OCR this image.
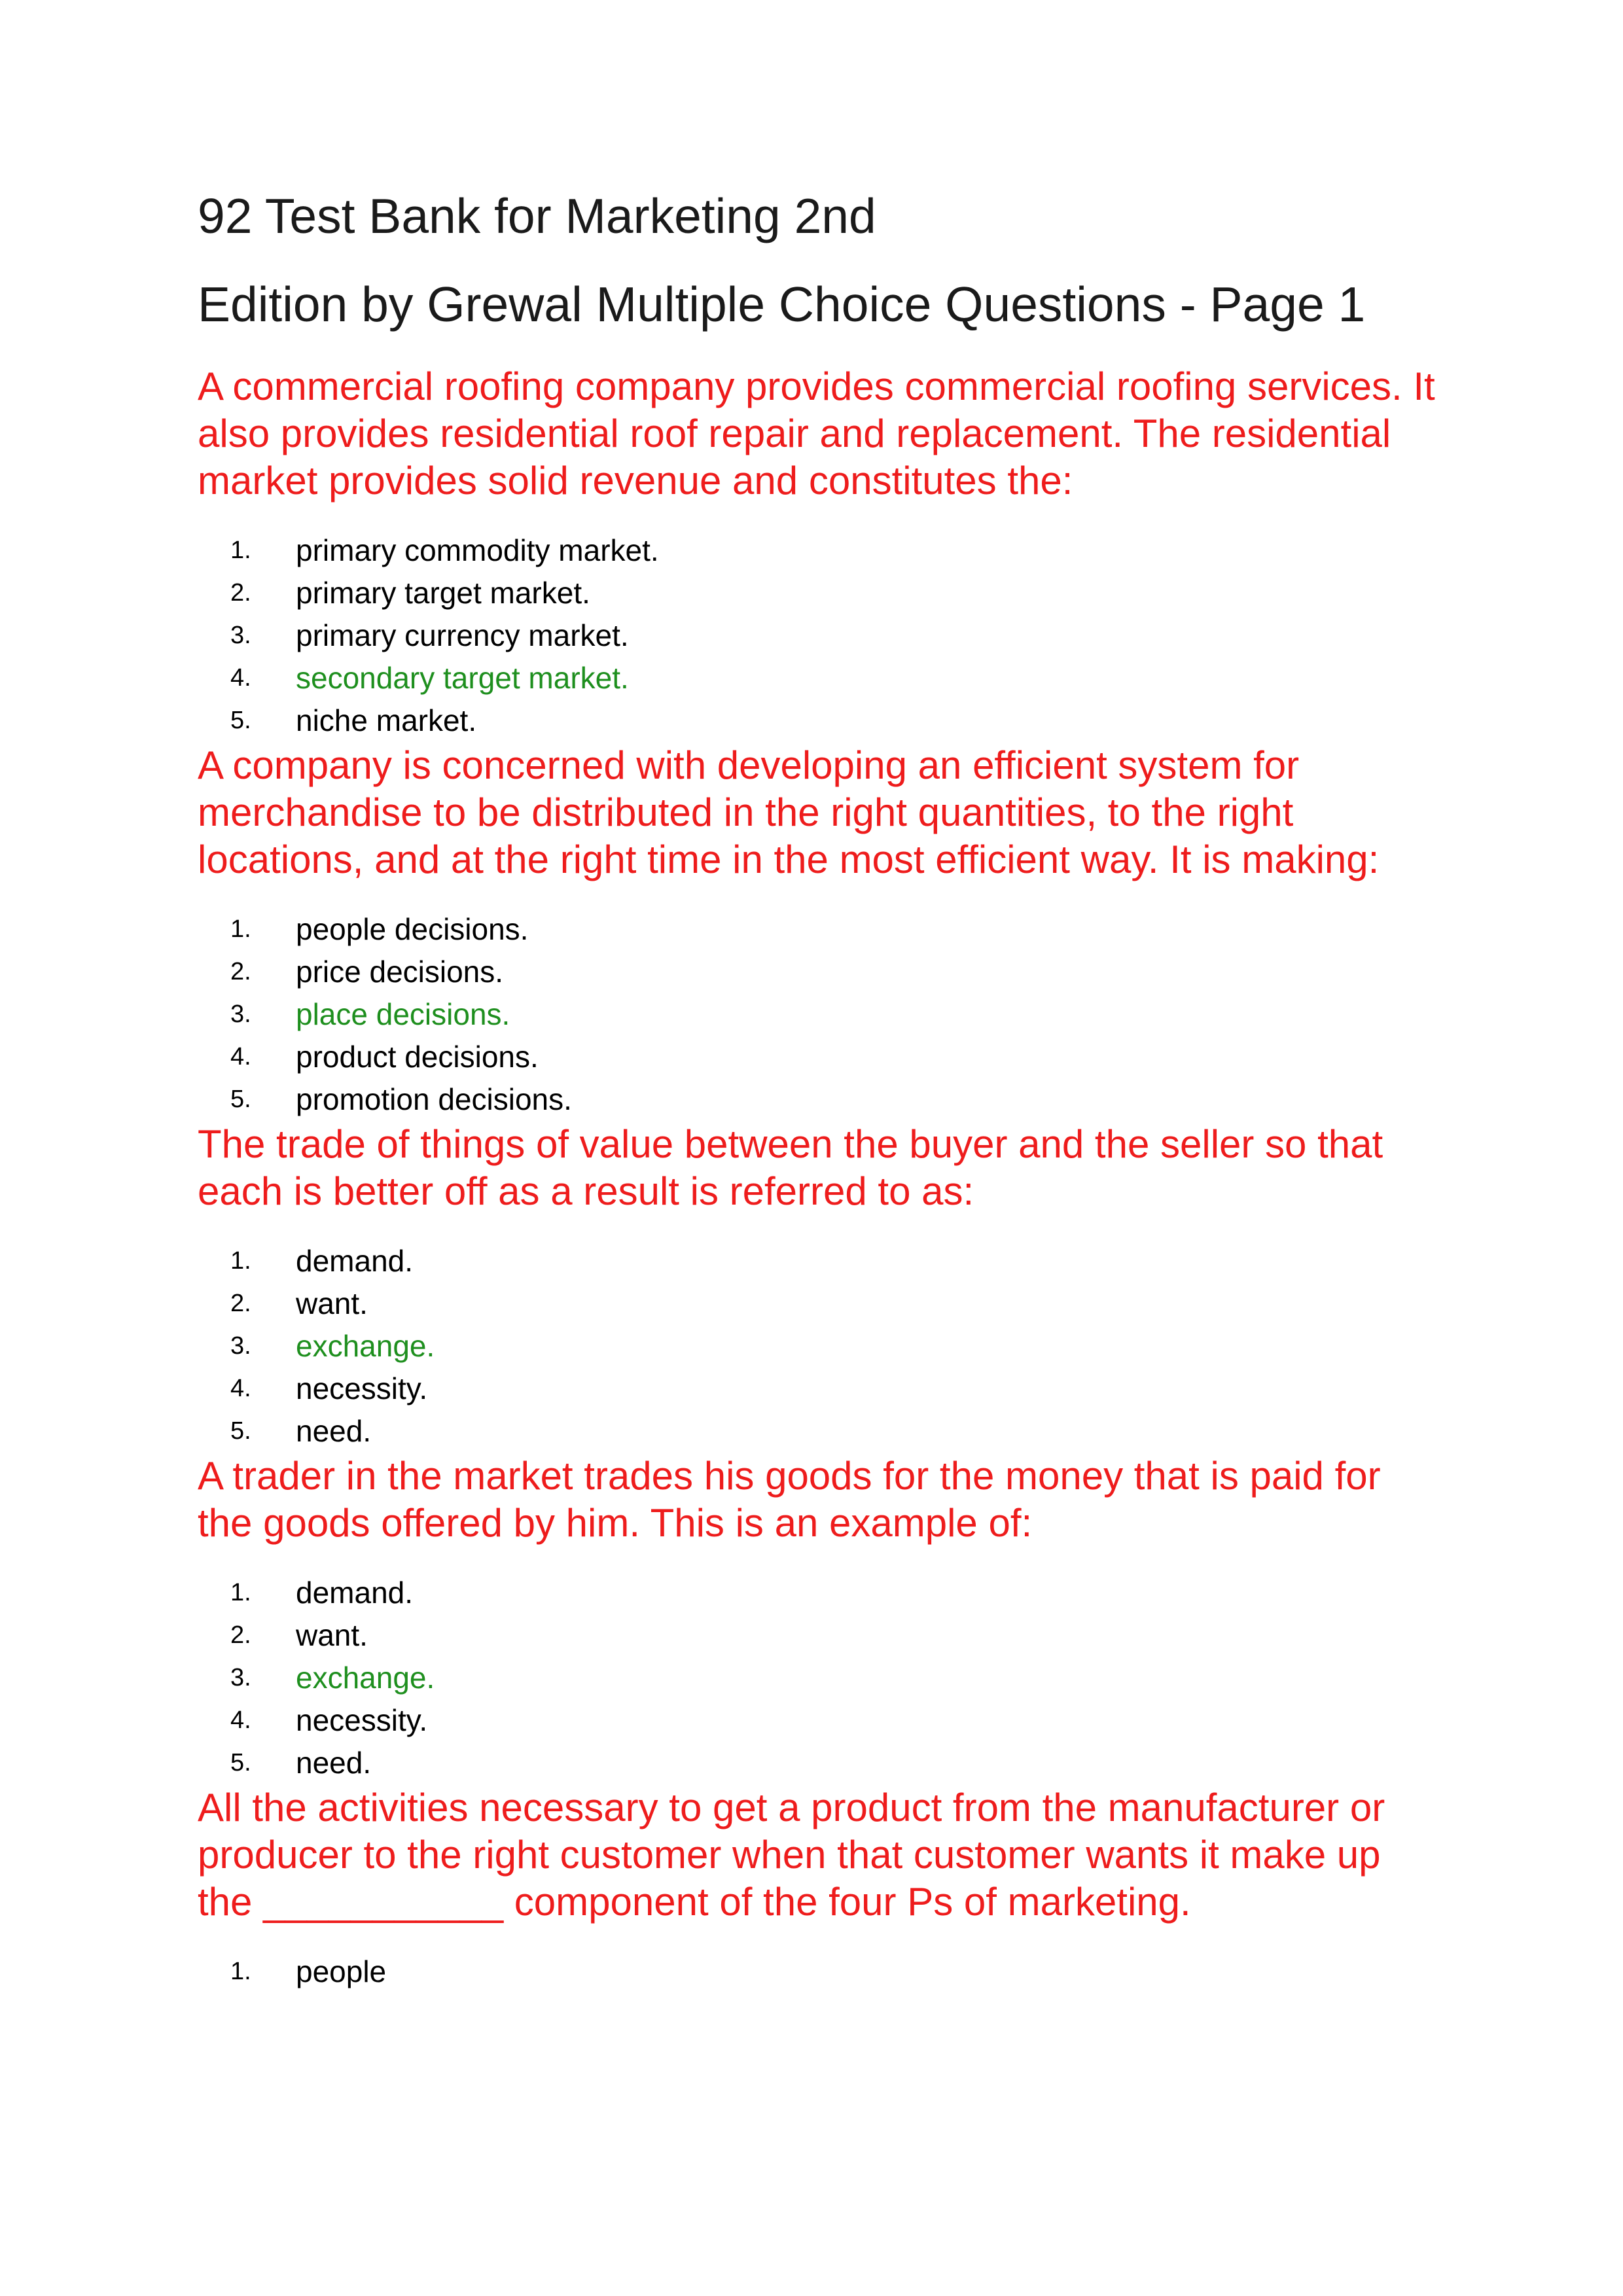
92 Test Bank for Marketing 2nd
Edition by Grewal Multiple Choice Questions - Page 1

A commercial roofing company provides commercial roofing services. It also provides residential roof repair and replacement. The residential market provides solid revenue and constitutes the:

1. primary commodity market.
2. primary target market.
3. primary currency market.
4. secondary target market.
5. niche market.

A company is concerned with developing an efficient system for merchandise to be distributed in the right quantities, to the right locations, and at the right time in the most efficient way. It is making:

1. people decisions.
2. price decisions.
3. place decisions.
4. product decisions.
5. promotion decisions.

The trade of things of value between the buyer and the seller so that each is better off as a result is referred to as:

1. demand.
2. want.
3. exchange.
4. necessity.
5. need.

A trader in the market trades his goods for the money that is paid for the goods offered by him. This is an example of:

1. demand.
2. want.
3. exchange.
4. necessity.
5. need.

All the activities necessary to get a product from the manufacturer or producer to the right customer when that customer wants it make up the ___________ component of the four Ps of marketing.

1. people
